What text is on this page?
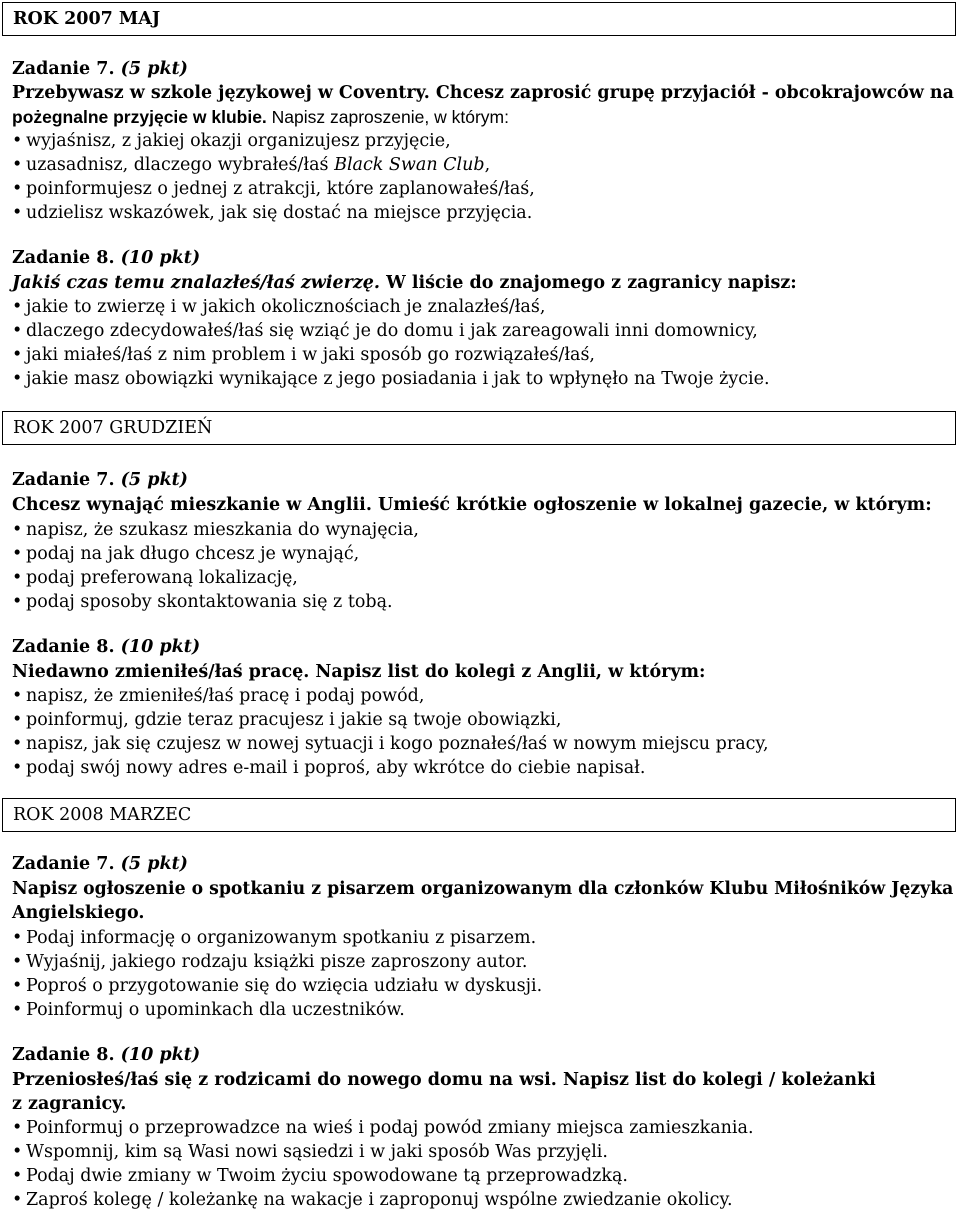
ROK 2007 MAJ
Zadanie 7. (5 pkt)
Przebywasz w szkole językowej w Coventry. Chcesz zaprosić grupę przyjaciół - obcokrajowców na
pożegnalne przyjęcie w klubie. Napisz zaproszenie, w którym:
• wyjaśnisz, z jakiej okazji organizujesz przyjęcie,
• uzasadnisz, dlaczego wybrałeś/łaś Black Swan Club,
• poinformujesz o jednej z atrakcji, które zaplanowałeś/łaś,
• udzielisz wskazówek, jak się dostać na miejsce przyjęcia.
Zadanie 8. (10 pkt)
Jakiś czas temu znalazłeś/łaś zwierzę. W liście do znajomego z zagranicy napisz:
• jakie to zwierzę i w jakich okolicznościach je znalazłeś/łaś,
• dlaczego zdecydowałeś/łaś się wziąć je do domu i jak zareagowali inni domownicy,
• jaki miałeś/łaś z nim problem i w jaki sposób go rozwiązałeś/łaś,
• jakie masz obowiązki wynikające z jego posiadania i jak to wpłynęło na Twoje życie.
ROK 2007 GRUDZIEŃ
Zadanie 7. (5 pkt)
Chcesz wynająć mieszkanie w Anglii. Umieść krótkie ogłoszenie w lokalnej gazecie, w którym:
• napisz, że szukasz mieszkania do wynajęcia,
• podaj na jak długo chcesz je wynająć,
• podaj preferowaną lokalizację,
• podaj sposoby skontaktowania się z tobą.
Zadanie 8. (10 pkt)
Niedawno zmieniłeś/łaś pracę. Napisz list do kolegi z Anglii, w którym:
• napisz, że zmieniłeś/łaś pracę i podaj powód,
• poinformuj, gdzie teraz pracujesz i jakie są twoje obowiązki,
• napisz, jak się czujesz w nowej sytuacji i kogo poznałeś/łaś w nowym miejscu pracy,
• podaj swój nowy adres e-mail i poproś, aby wkrótce do ciebie napisał.
ROK 2008 MARZEC
Zadanie 7. (5 pkt)
Napisz ogłoszenie o spotkaniu z pisarzem organizowanym dla członków Klubu Miłośników Języka
Angielskiego.
• Podaj informację o organizowanym spotkaniu z pisarzem.
• Wyjaśnij, jakiego rodzaju książki pisze zaproszony autor.
• Poproś o przygotowanie się do wzięcia udziału w dyskusji.
• Poinformuj o upominkach dla uczestników.
Zadanie 8. (10 pkt)
Przeniosłeś/łaś się z rodzicami do nowego domu na wsi. Napisz list do kolegi / koleżanki
z zagranicy.
• Poinformuj o przeprowadzce na wieś i podaj powód zmiany miejsca zamieszkania.
• Wspomnij, kim są Wasi nowi sąsiedzi i w jaki sposób Was przyjęli.
• Podaj dwie zmiany w Twoim życiu spowodowane tą przeprowadzką.
• Zaproś kolegę / koleżankę na wakacje i zaproponuj wspólne zwiedzanie okolicy.
